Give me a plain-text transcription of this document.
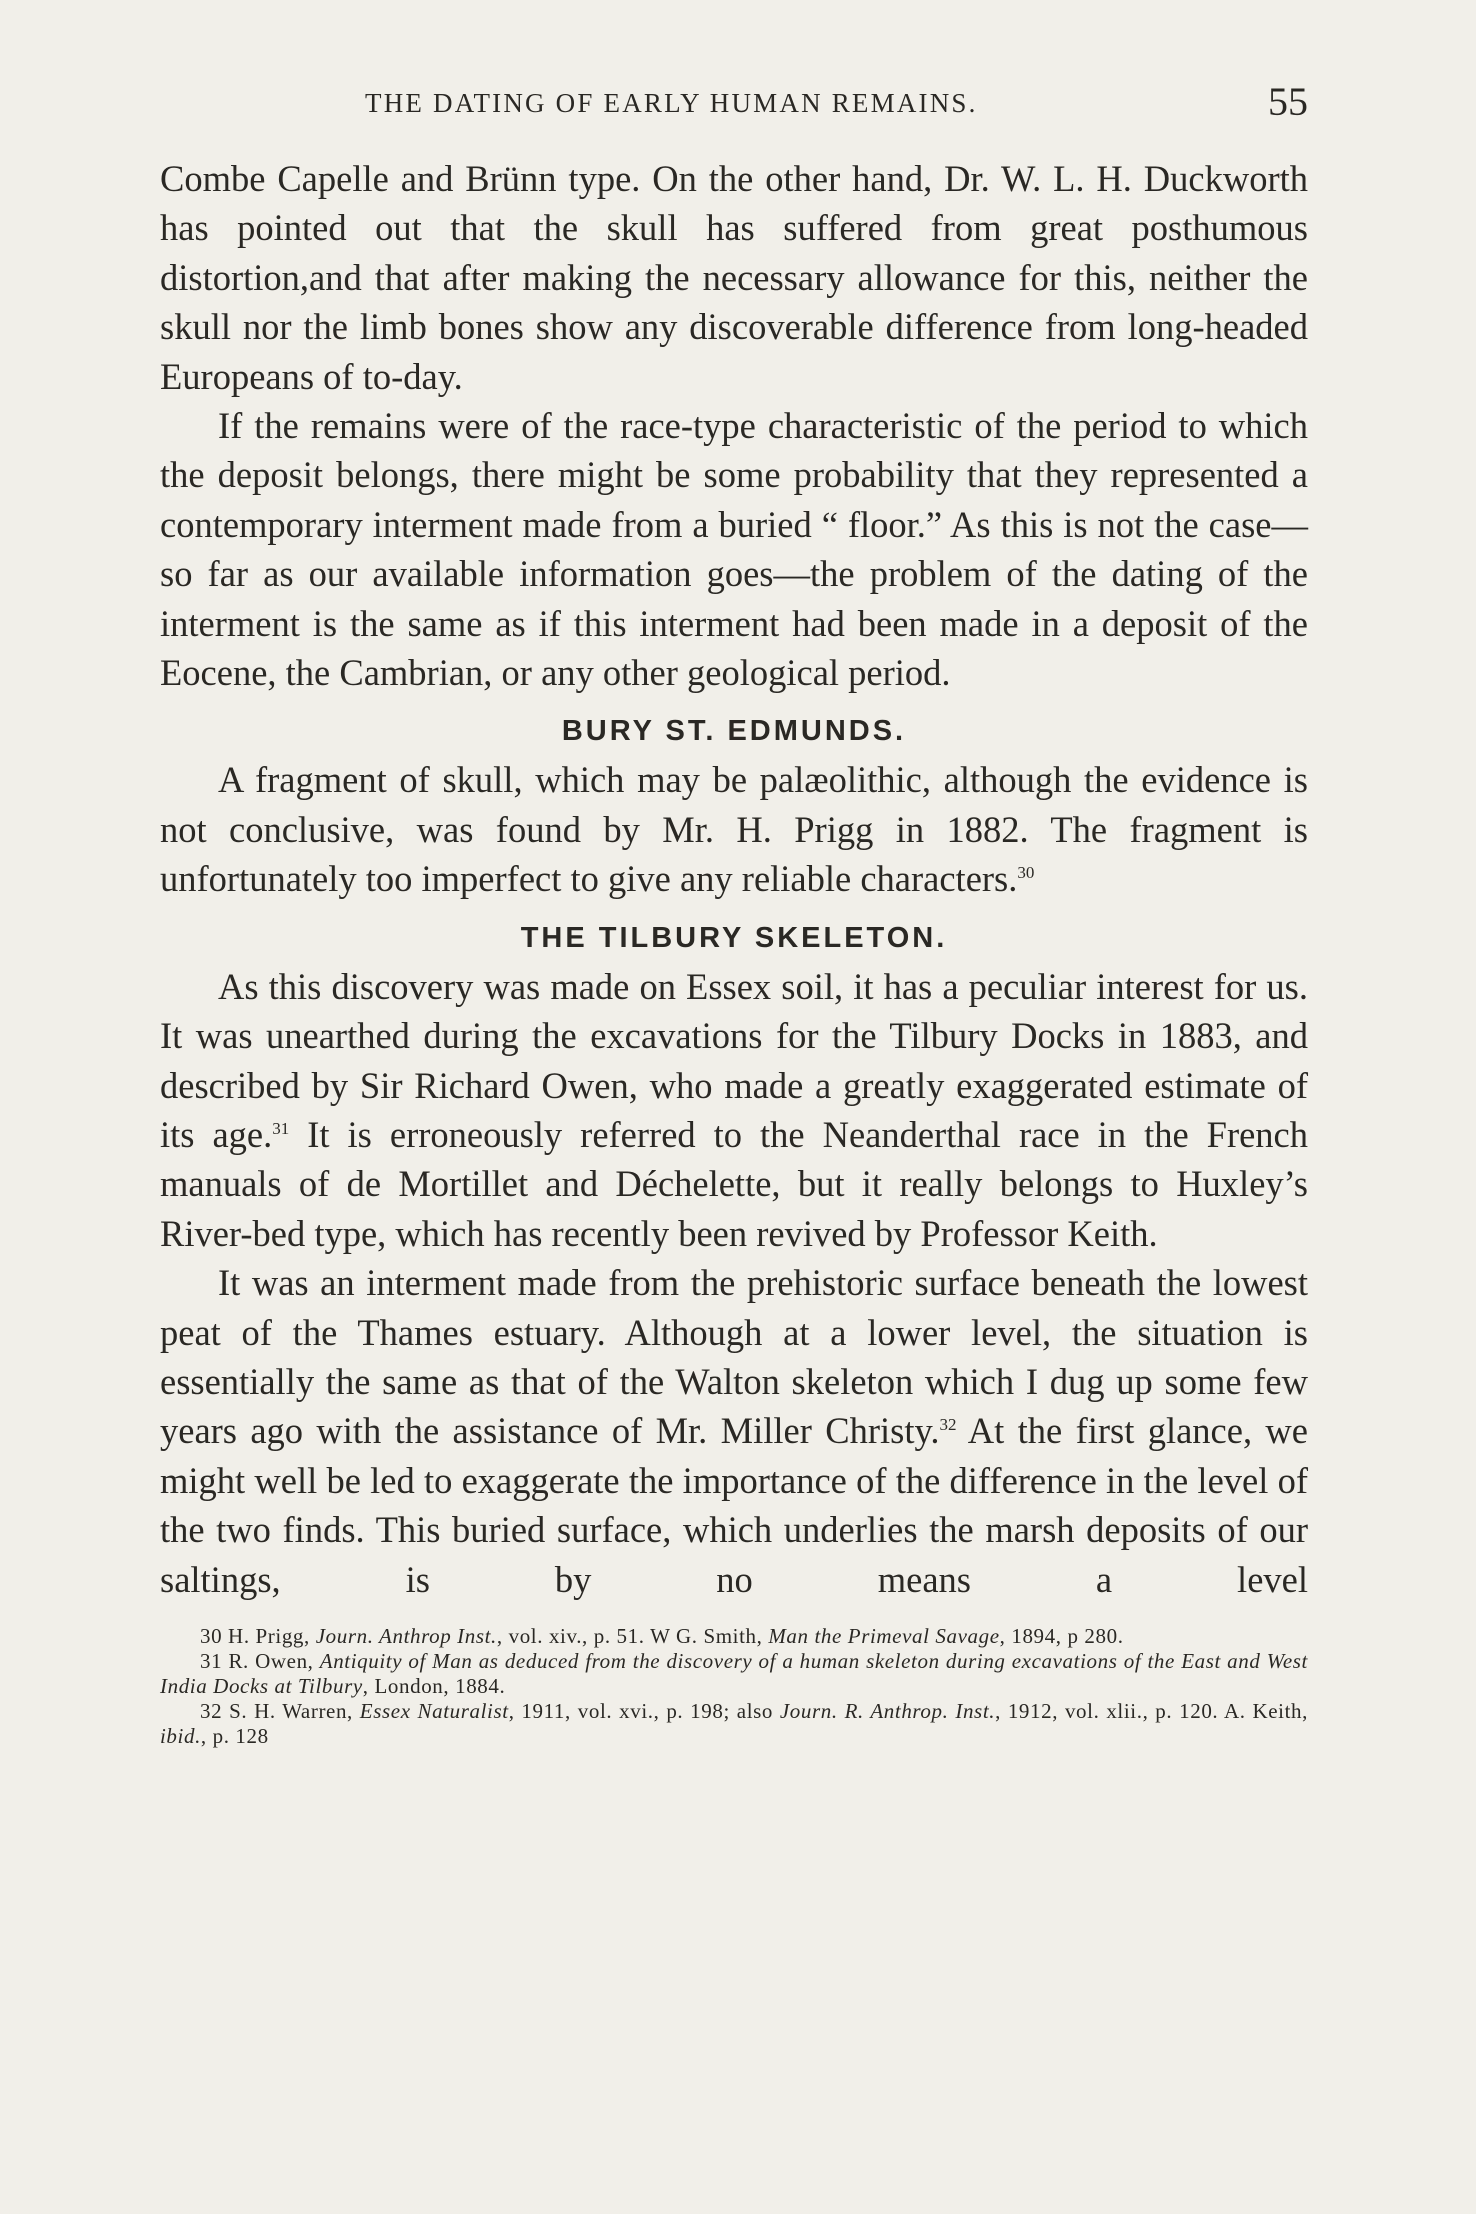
THE DATING OF EARLY HUMAN REMAINS.	55

Combe Capelle and Brünn type. On the other hand, Dr. W. L. H. Duckworth has pointed out that the skull has suffered from great posthumous distortion,and that after making the necessary allowance for this, neither the skull nor the limb bones show any discoverable difference from long-headed Europeans of to-day.

If the remains were of the race-type characteristic of the period to which the deposit belongs, there might be some probability that they represented a contemporary interment made from a buried “ floor.” As this is not the case—so far as our available information goes—the problem of the dating of the interment is the same as if this interment had been made in a deposit of the Eocene, the Cambrian, or any other geological period.

BURY ST. EDMUNDS.

A fragment of skull, which may be palæolithic, although the evidence is not conclusive, was found by Mr. H. Prigg in 1882. The fragment is unfortunately too imperfect to give any reliable characters.$^{30}$

THE TILBURY SKELETON.

As this discovery was made on Essex soil, it has a peculiar interest for us. It was unearthed during the excavations for the Tilbury Docks in 1883, and described by Sir Richard Owen, who made a greatly exaggerated estimate of its age.$^{31}$ It is erroneously referred to the Neanderthal race in the French manuals of de Mortillet and Déchelette, but it really belongs to Huxley’s River-bed type, which has recently been revived by Professor Keith.

It was an interment made from the prehistoric surface beneath the lowest peat of the Thames estuary. Although at a lower level, the situation is essentially the same as that of the Walton skeleton which I dug up some few years ago with the assistance of Mr. Miller Christy.$^{32}$ At the first glance, we might well be led to exaggerate the importance of the difference in the level of the two finds. This buried surface, which underlies the marsh deposits of our saltings, is by no means a level

30 H. Prigg, Journ. Anthrop Inst., vol. xiv., p. 51. W G. Smith, Man the Primeval Savage, 1894, p 280.

31 R. Owen, Antiquity of Man as deduced from the discovery of a human skeleton during excavations of the East and West India Docks at Tilbury, London, 1884.

32 S. H. Warren, Essex Naturalist, 1911, vol. xvi., p. 198; also Journ. R. Anthrop. Inst., 1912, vol. xlii., p. 120. A. Keith, ibid., p. 128
